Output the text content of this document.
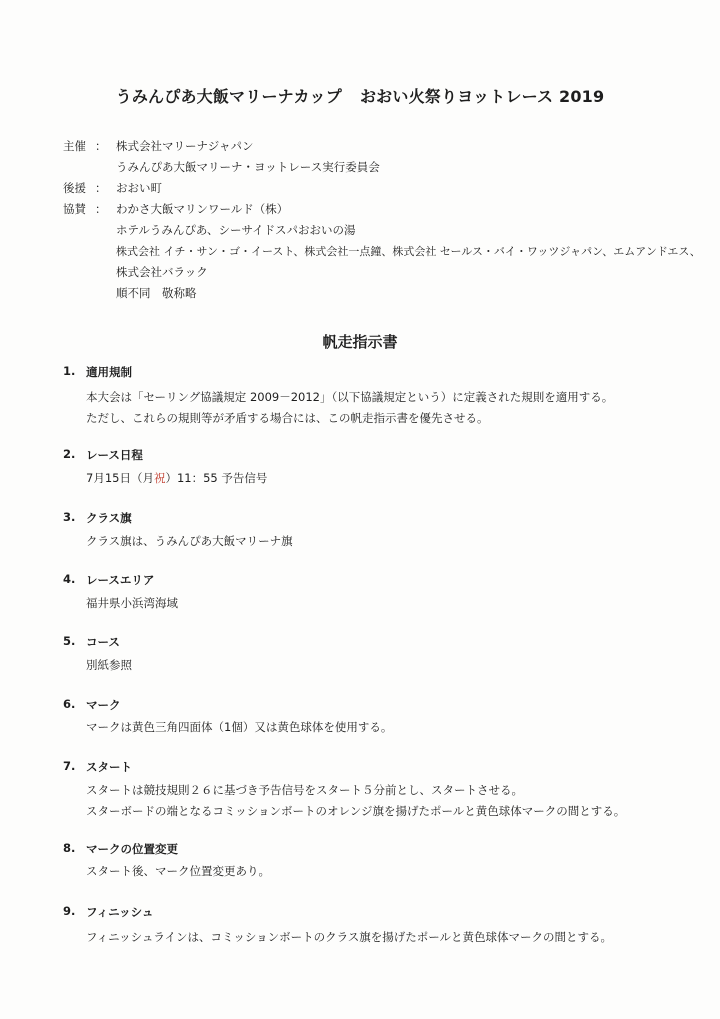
うみんぴあ大飯マリーナカップ おおい火祭りヨットレース 2019
主催 ： 株式会社マリーナジャパン
うみんぴあ大飯マリーナ・ヨットレース実行委員会
後援 ： おおい町
協賛 ： わかさ大飯マリンワールド（株）
ホテルうみんぴあ、シーサイドスパおおいの湯
株式会社 イチ・サン・ゴ・イースト、株式会社一点鐘、株式会社 セールス・バイ・ワッツジャパン、エムアンドエス、
株式会社バラック
順不同　敬称略
帆走指示書
1. 適用規制
本大会は「セーリング協議規定 2009－2012」（以下協議規定という）に定義された規則を適用する。
ただし、これらの規則等が矛盾する場合には、この帆走指示書を優先させる。
2. レース日程
7月15日（月祝）11：55 予告信号
3. クラス旗
クラス旗は、うみんぴあ大飯マリーナ旗
4. レースエリア
福井県小浜湾海域
5. コース
別紙参照
6. マーク
マークは黄色三角四面体（1個）又は黄色球体を使用する。
7. スタート
スタートは競技規則２６に基づき予告信号をスタート５分前とし、スタートさせる。
スターボードの端となるコミッションボートのオレンジ旗を揚げたポールと黄色球体マークの間とする。
8. マークの位置変更
スタート後、マーク位置変更あり。
9. フィニッシュ
フィニッシュラインは、コミッションボートのクラス旗を揚げたポールと黄色球体マークの間とする。
